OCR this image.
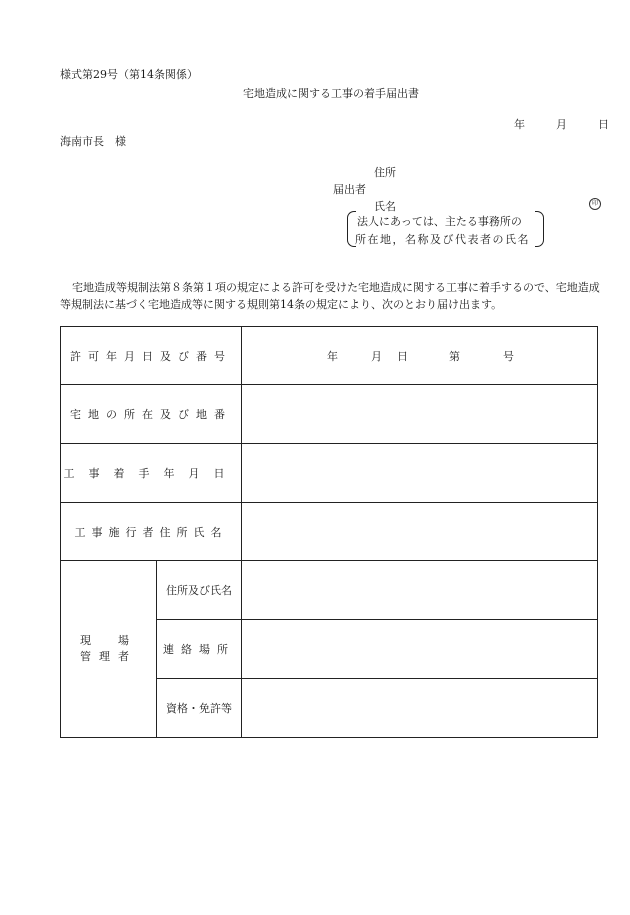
様式第29号（第14条関係）
宅地造成に関する工事の着手届出書
年	月	日
海南市長　様
住所
届出者
氏名	印
法人にあっては、主たる事務所の
所在地，名称及び代表者の氏名
宅地造成等規制法第８条第１項の規定による許可を受けた宅地造成に関する工事に着手するので、宅地造成等規制法に基づく宅地造成等に関する規則第14条の規定により、次のとおり届け出ます。
許可年月日及び番号		年 月 日 第 号

宅地の所在及び地番		
工事着手年月日		
工事施行者住所氏名		

現　場
管理者	住所及び氏名	
	連絡場所	
	資格・免許等	
